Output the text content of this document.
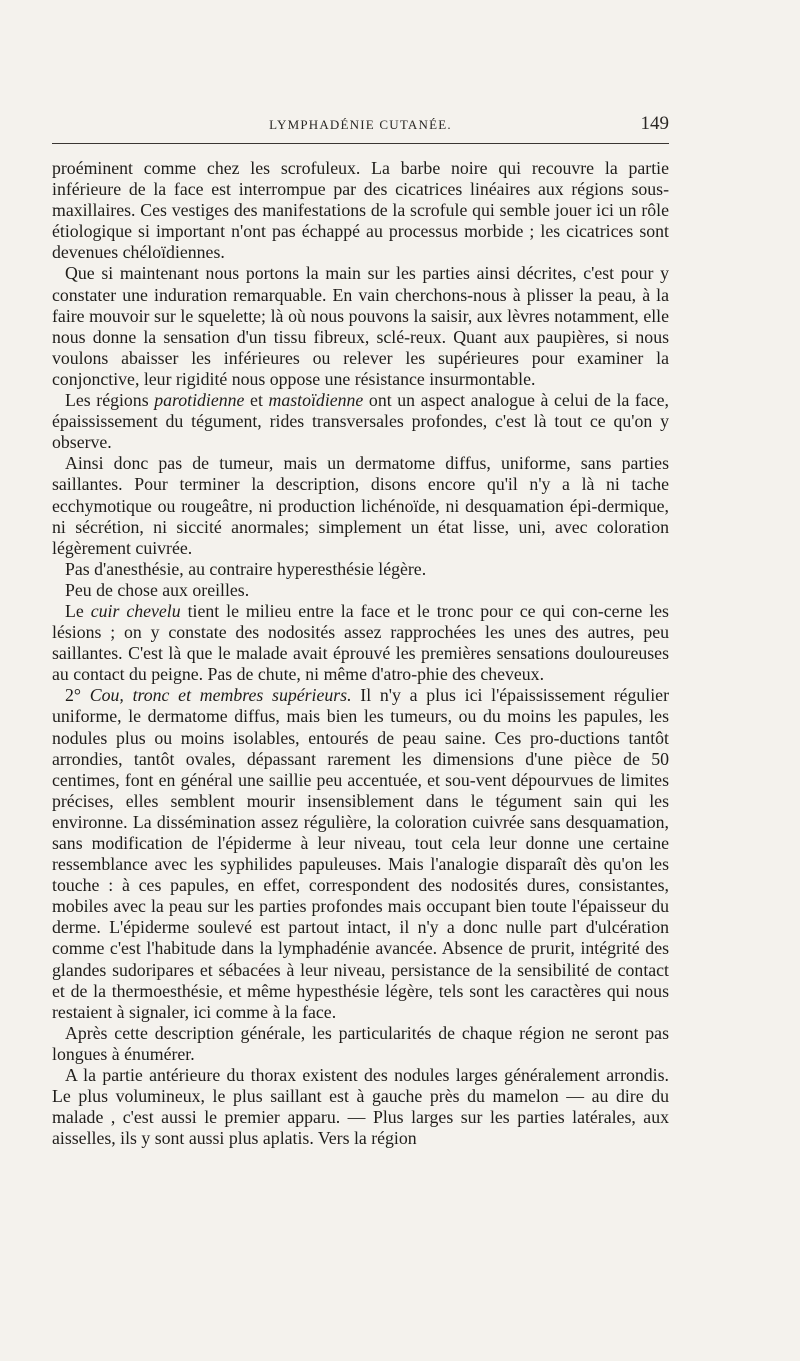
LYMPHADÉNIE CUTANÉE.	149

proéminent comme chez les scrofuleux. La barbe noire qui recouvre la partie inférieure de la face est interrompue par des cicatrices linéaires aux régions sous-maxillaires. Ces vestiges des manifestations de la scrofule qui semble jouer ici un rôle étiologique si important n'ont pas échappé au processus morbide ; les cicatrices sont devenues chéloïdiennes.

Que si maintenant nous portons la main sur les parties ainsi décrites, c'est pour y constater une induration remarquable. En vain cherchons-nous à plisser la peau, à la faire mouvoir sur le squelette; là où nous pouvons la saisir, aux lèvres notamment, elle nous donne la sensation d'un tissu fibreux, sclé-reux. Quant aux paupières, si nous voulons abaisser les inférieures ou relever les supérieures pour examiner la conjonctive, leur rigidité nous oppose une résistance insurmontable.

Les régions parotidienne et mastoïdienne ont un aspect analogue à celui de la face, épaississement du tégument, rides transversales profondes, c'est là tout ce qu'on y observe.

Ainsi donc pas de tumeur, mais un dermatome diffus, uniforme, sans parties saillantes. Pour terminer la description, disons encore qu'il n'y a là ni tache ecchymotique ou rougeâtre, ni production lichénoïde, ni desquamation épi-dermique, ni sécrétion, ni siccité anormales; simplement un état lisse, uni, avec coloration légèrement cuivrée.

Pas d'anesthésie, au contraire hyperesthésie légère.

Peu de chose aux oreilles.

Le cuir chevelu tient le milieu entre la face et le tronc pour ce qui con-cerne les lésions ; on y constate des nodosités assez rapprochées les unes des autres, peu saillantes. C'est là que le malade avait éprouvé les premières sensations douloureuses au contact du peigne. Pas de chute, ni même d'atro-phie des cheveux.

2° Cou, tronc et membres supérieurs. Il n'y a plus ici l'épaississement régulier uniforme, le dermatome diffus, mais bien les tumeurs, ou du moins les papules, les nodules plus ou moins isolables, entourés de peau saine. Ces pro-ductions tantôt arrondies, tantôt ovales, dépassant rarement les dimensions d'une pièce de 50 centimes, font en général une saillie peu accentuée, et sou-vent dépourvues de limites précises, elles semblent mourir insensiblement dans le tégument sain qui les environne. La dissémination assez régulière, la coloration cuivrée sans desquamation, sans modification de l'épiderme à leur niveau, tout cela leur donne une certaine ressemblance avec les syphilides papuleuses. Mais l'analogie disparaît dès qu'on les touche : à ces papules, en effet, correspondent des nodosités dures, consistantes, mobiles avec la peau sur les parties profondes mais occupant bien toute l'épaisseur du derme. L'épiderme soulevé est partout intact, il n'y a donc nulle part d'ulcération comme c'est l'habitude dans la lymphadénie avancée. Absence de prurit, intégrité des glandes sudoripares et sébacées à leur niveau, persistance de la sensibilité de contact et de la thermoesthésie, et même hypesthésie légère, tels sont les caractères qui nous restaient à signaler, ici comme à la face.

Après cette description générale, les particularités de chaque région ne seront pas longues à énumérer.

A la partie antérieure du thorax existent des nodules larges généralement arrondis. Le plus volumineux, le plus saillant est à gauche près du mamelon — au dire du malade , c'est aussi le premier apparu. — Plus larges sur les parties latérales, aux aisselles, ils y sont aussi plus aplatis. Vers la région
